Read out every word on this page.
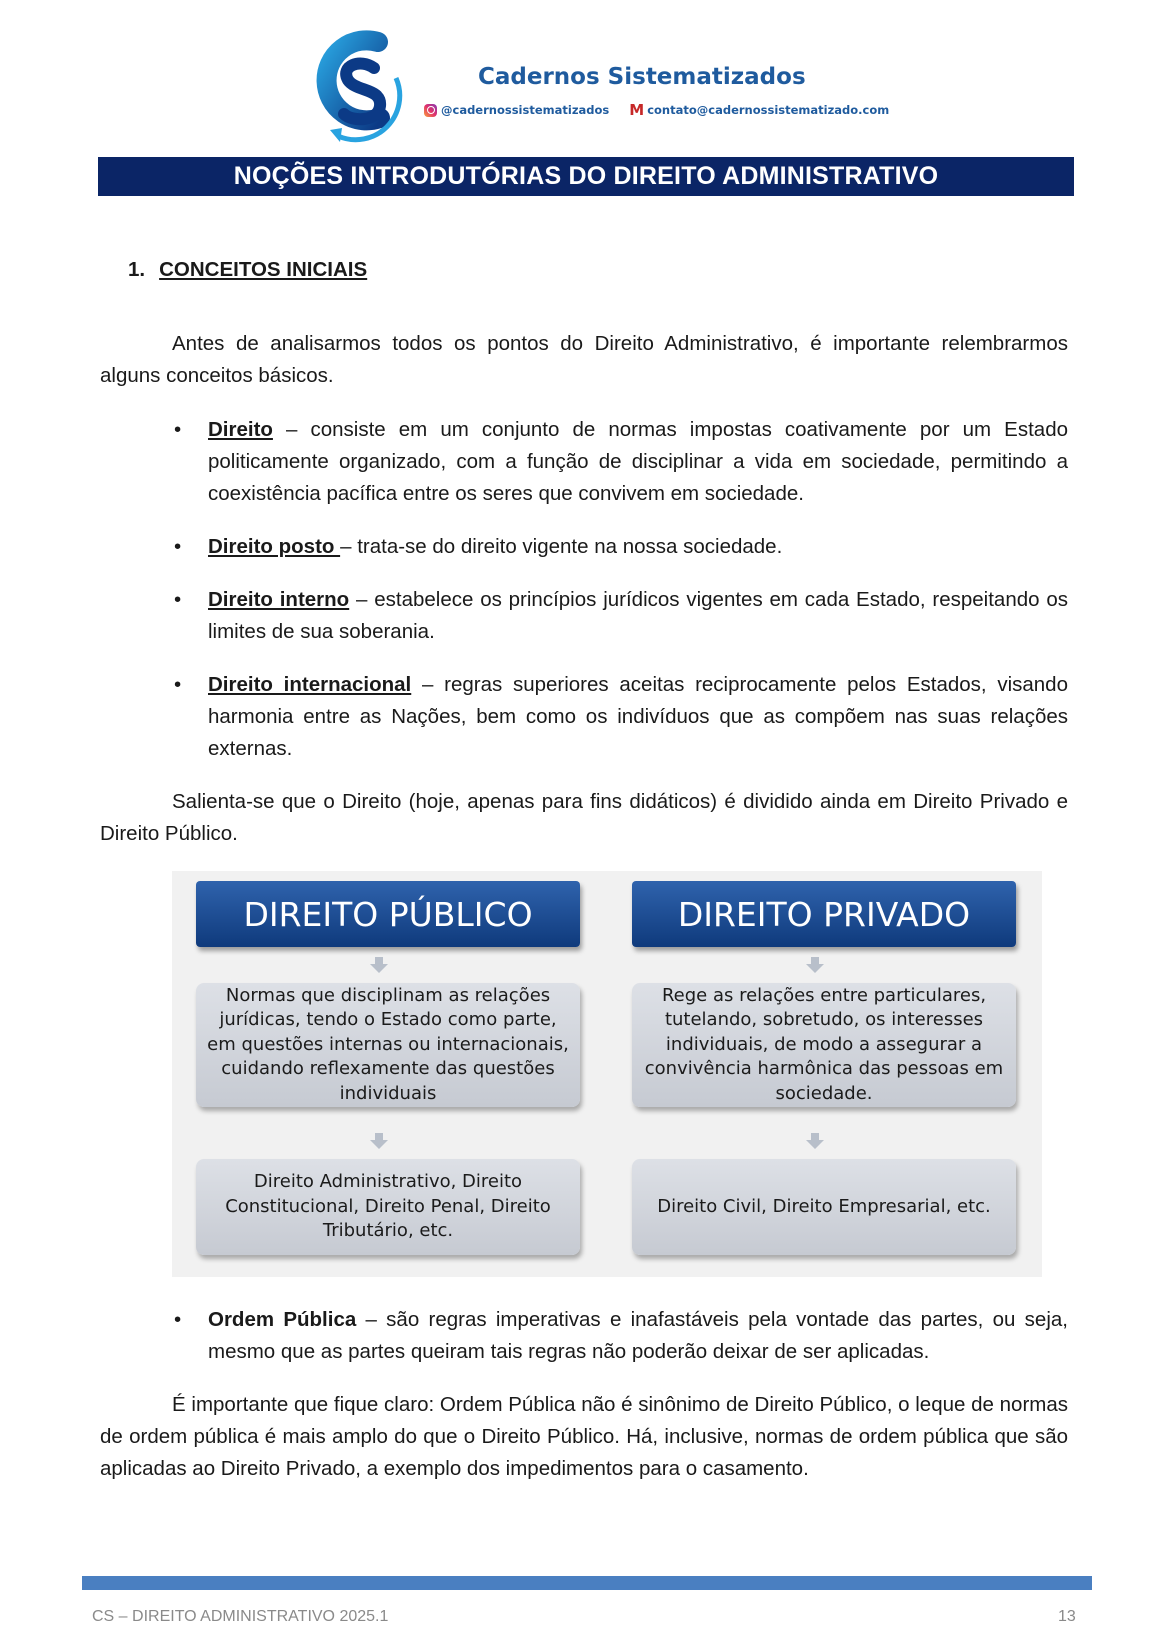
Cadernos Sistematizados
@cadernossistematizados M contato@cadernossistematizado.com
NOÇÕES INTRODUTÓRIAS DO DIREITO ADMINISTRATIVO
1. CONCEITOS INICIAIS
Antes de analisarmos todos os pontos do Direito Administrativo, é importante relembrarmos alguns conceitos básicos.
• Direito – consiste em um conjunto de normas impostas coativamente por um Estado politicamente organizado, com a função de disciplinar a vida em sociedade, permitindo a coexistência pacífica entre os seres que convivem em sociedade.
• Direito posto – trata-se do direito vigente na nossa sociedade.
• Direito interno – estabelece os princípios jurídicos vigentes em cada Estado, respeitando os limites de sua soberania.
• Direito internacional – regras superiores aceitas reciprocamente pelos Estados, visando harmonia entre as Nações, bem como os indivíduos que as compõem nas suas relações externas.
Salienta-se que o Direito (hoje, apenas para fins didáticos) é dividido ainda em Direito Privado e Direito Público.
DIREITO PÚBLICO
Normas que disciplinam as relações jurídicas, tendo o Estado como parte, em questões internas ou internacionais, cuidando reflexamente das questões individuais
Direito Administrativo, Direito Constitucional, Direito Penal, Direito Tributário, etc.
DIREITO PRIVADO
Rege as relações entre particulares, tutelando, sobretudo, os interesses individuais, de modo a assegurar a convivência harmônica das pessoas em sociedade.
Direito Civil, Direito Empresarial, etc.
• Ordem Pública – são regras imperativas e inafastáveis pela vontade das partes, ou seja, mesmo que as partes queiram tais regras não poderão deixar de ser aplicadas.
É importante que fique claro: Ordem Pública não é sinônimo de Direito Público, o leque de normas de ordem pública é mais amplo do que o Direito Público. Há, inclusive, normas de ordem pública que são aplicadas ao Direito Privado, a exemplo dos impedimentos para o casamento.
CS – DIREITO ADMINISTRATIVO 2025.1	13
